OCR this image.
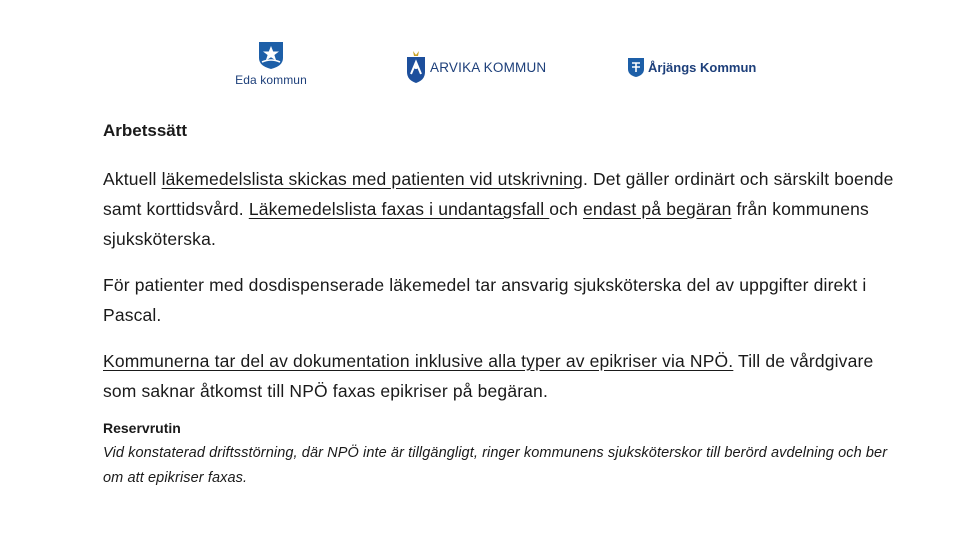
Eda kommun
ARVIKA KOMMUN	Årjängs Kommun

Arbetssätt

Aktuell läkemedelslista skickas med patienten vid utskrivning. Det gäller ordinärt och särskilt boende samt korttidsvård. Läkemedelslista faxas i undantagsfall och endast på begäran från kommunens sjuksköterska.

För patienter med dosdispenserade läkemedel tar ansvarig sjuksköterska del av uppgifter direkt i Pascal.

Kommunerna tar del av dokumentation inklusive alla typer av epikriser via NPÖ. Till de vårdgivare som saknar åtkomst till NPÖ faxas epikriser på begäran.

Reservrutin

Vid konstaterad driftsstörning, där NPÖ inte är tillgängligt, ringer kommunens sjuksköterskor till berörd avdelning och ber om att epikriser faxas.
